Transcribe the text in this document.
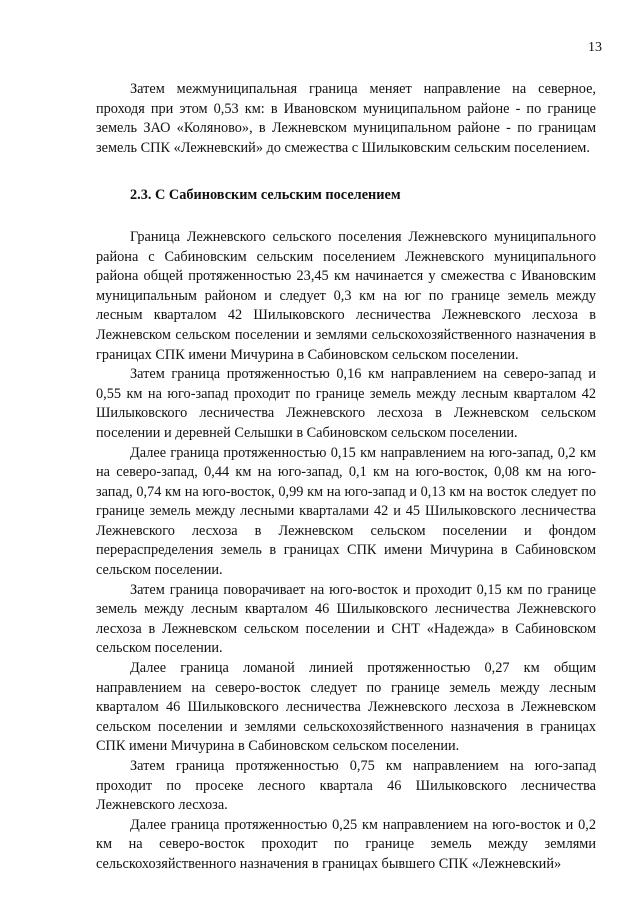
13

Затем межмуниципальная граница меняет направление на северное, проходя при этом 0,53 км: в Ивановском муниципальном районе - по границе земель ЗАО «Коляново», в Лежневском муниципальном районе - по границам земель СПК «Лежневский» до смежества с Шилыковским сельским поселением.

2.3. С Сабиновским сельским поселением

Граница Лежневского сельского поселения Лежневского муниципального района с Сабиновским сельским поселением Лежневского муниципального района общей протяженностью 23,45 км начинается у смежества с Ивановским муниципальным районом и следует 0,3 км на юг по границе земель между лесным кварталом 42 Шилыковского лесничества Лежневского лесхоза в Лежневском сельском поселении и землями сельскохозяйственного назначения в границах СПК имени Мичурина в Сабиновском сельском поселении.

Затем граница протяженностью 0,16 км направлением на северо-запад и 0,55 км на юго-запад проходит по границе земель между лесным кварталом 42 Шилыковского лесничества Лежневского лесхоза в Лежневском сельском поселении и деревней Селышки в Сабиновском сельском поселении.

Далее граница протяженностью 0,15 км направлением на юго-запад, 0,2 км на северо-запад, 0,44 км на юго-запад, 0,1 км на юго-восток, 0,08 км на юго-запад, 0,74 км на юго-восток, 0,99 км на юго-запад и 0,13 км на восток следует по границе земель между лесными кварталами 42 и 45 Шилыковского лесничества Лежневского лесхоза в Лежневском сельском поселении и фондом перераспределения земель в границах СПК имени Мичурина в Сабиновском сельском поселении.

Затем граница поворачивает на юго-восток и проходит 0,15 км по границе земель между лесным кварталом 46 Шилыковского лесничества Лежневского лесхоза в Лежневском сельском поселении и СНТ «Надежда» в Сабиновском сельском поселении.

Далее граница ломаной линией протяженностью 0,27 км общим направлением на северо-восток следует по границе земель между лесным кварталом 46 Шилыковского лесничества Лежневского лесхоза в Лежневском сельском поселении и землями сельскохозяйственного назначения в границах СПК имени Мичурина в Сабиновском сельском поселении.

Затем граница протяженностью 0,75 км направлением на юго-запад проходит по просеке лесного квартала 46 Шилыковского лесничества Лежневского лесхоза.

Далее граница протяженностью 0,25 км направлением на юго-восток и 0,2 км на северо-восток проходит по границе земель между землями сельскохозяйственного назначения в границах бывшего СПК «Лежневский»
